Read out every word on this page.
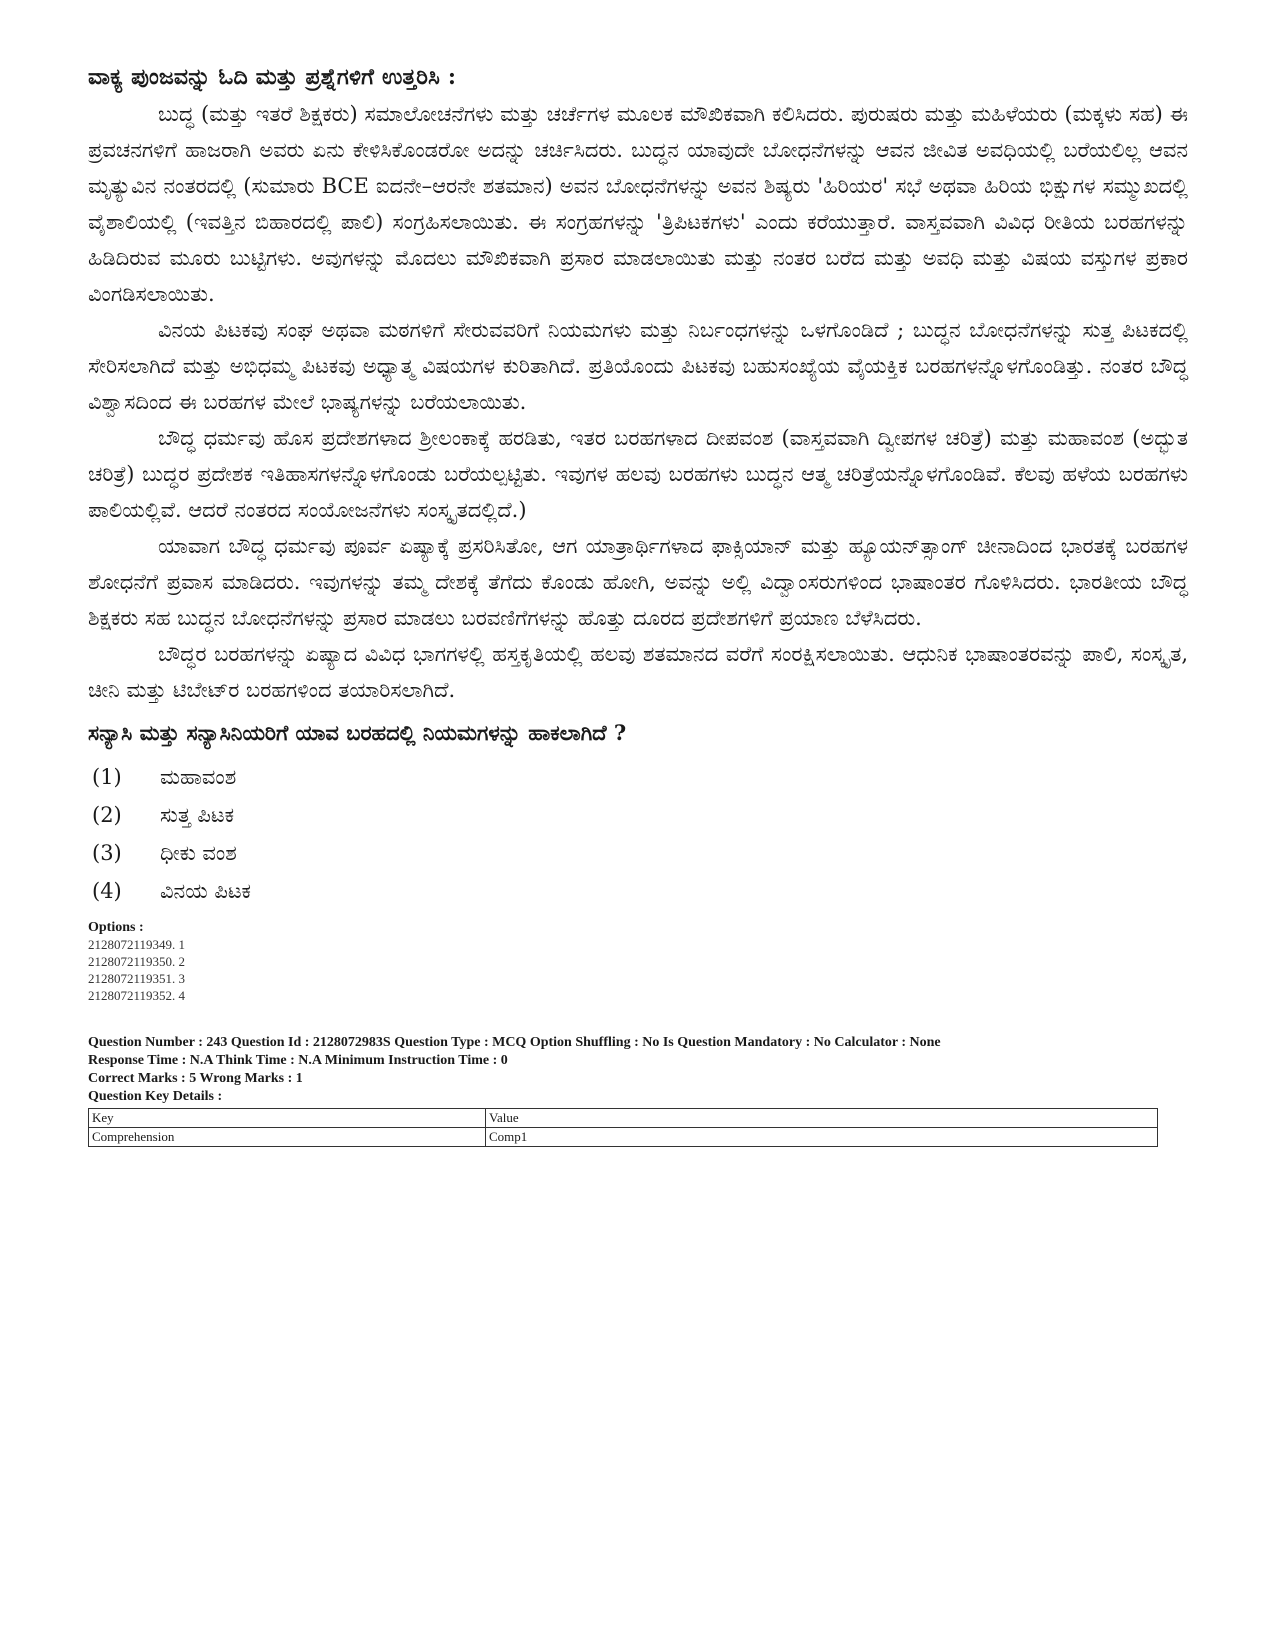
ವಾಕ್ಯ ಪುಂಜವನ್ನು ಓದಿ ಮತ್ತು ಪ್ರಶ್ನೆಗಳಿಗೆ ಉತ್ತರಿಸಿ :

ಬುದ್ಧ (ಮತ್ತು ಇತರೆ ಶಿಕ್ಷಕರು) ಸಮಾಲೋಚನೆಗಳು ಮತ್ತು ಚರ್ಚೆಗಳ ಮೂಲಕ ಮೌಖಿಕವಾಗಿ ಕಲಿಸಿದರು. ಪುರುಷರು ಮತ್ತು ಮಹಿಳೆಯರು (ಮಕ್ಕಳು ಸಹ) ಈ ಪ್ರವಚನಗಳಿಗೆ ಹಾಜರಾಗಿ ಅವರು ಏನು ಕೇಳಿಸಿಕೊಂಡರೋ ಅದನ್ನು ಚರ್ಚಿಸಿದರು. ಬುದ್ಧನ ಯಾವುದೇ ಬೋಧನೆಗಳನ್ನು ಆವನ ಜೀವಿತ ಅವಧಿಯಲ್ಲಿ ಬರೆಯಲಿಲ್ಲ ಆವನ ಮೃತ್ಯುವಿನ ನಂತರದಲ್ಲಿ (ಸುಮಾರು BCE ಐದನೇ–ಆರನೇ ಶತಮಾನ) ಅವನ ಬೋಧನೆಗಳನ್ನು ಅವನ ಶಿಷ್ಯರು 'ಹಿರಿಯರ' ಸಭೆ ಅಥವಾ ಹಿರಿಯ ಭಿಕ್ಷುಗಳ ಸಮ್ಮುಖದಲ್ಲಿ ವೈಶಾಲಿಯಲ್ಲಿ (ಇವತ್ತಿನ ಬಿಹಾರದಲ್ಲಿ ಪಾಲಿ) ಸಂಗ್ರಹಿಸಲಾಯಿತು. ಈ ಸಂಗ್ರಹಗಳನ್ನು 'ತ್ರಿಪಿಟಕಗಳು' ಎಂದು ಕರೆಯುತ್ತಾರೆ. ವಾಸ್ತವವಾಗಿ ವಿವಿಧ ರೀತಿಯ ಬರಹಗಳನ್ನು ಹಿಡಿದಿರುವ ಮೂರು ಬುಟ್ಟಿಗಳು. ಅವುಗಳನ್ನು ಮೊದಲು ಮೌಖಿಕವಾಗಿ ಪ್ರಸಾರ ಮಾಡಲಾಯಿತು ಮತ್ತು ನಂತರ ಬರೆದ ಮತ್ತು ಅವಧಿ ಮತ್ತು ವಿಷಯ ವಸ್ತುಗಳ ಪ್ರಕಾರ ವಿಂಗಡಿಸಲಾಯಿತು.

ವಿನಯ ಪಿಟಕವು ಸಂಘ ಅಥವಾ ಮಠಗಳಿಗೆ ಸೇರುವವರಿಗೆ ನಿಯಮಗಳು ಮತ್ತು ನಿರ್ಬಂಧಗಳನ್ನು ಒಳಗೊಂಡಿದೆ ; ಬುದ್ಧನ ಬೋಧನೆಗಳನ್ನು ಸುತ್ತ ಪಿಟಕದಲ್ಲಿ ಸೇರಿಸಲಾಗಿದೆ ಮತ್ತು ಅಭಿಧಮ್ಮ ಪಿಟಕವು ಅಧ್ಯಾತ್ಮ ವಿಷಯಗಳ ಕುರಿತಾಗಿದೆ. ಪ್ರತಿಯೊಂದು ಪಿಟಕವು ಬಹುಸಂಖ್ಯೆಯ ವೈಯಕ್ತಿಕ ಬರಹಗಳನ್ನೊಳಗೊಂಡಿತ್ತು. ನಂತರ ಬೌದ್ಧ ವಿಶ್ವಾಸದಿಂದ ಈ ಬರಹಗಳ ಮೇಲೆ ಭಾಷ್ಯಗಳನ್ನು ಬರೆಯಲಾಯಿತು.

ಬೌದ್ಧ ಧರ್ಮವು ಹೊಸ ಪ್ರದೇಶಗಳಾದ ಶ್ರೀಲಂಕಾಕ್ಕೆ ಹರಡಿತು, ಇತರ ಬರಹಗಳಾದ ದೀಪವಂಶ (ವಾಸ್ತವವಾಗಿ ದ್ವೀಪಗಳ ಚರಿತ್ರೆ) ಮತ್ತು ಮಹಾವಂಶ (ಅದ್ಭುತ ಚರಿತ್ರೆ) ಬುದ್ಧರ ಪ್ರದೇಶಕ ಇತಿಹಾಸಗಳನ್ನೊಳಗೊಂಡು ಬರೆಯಲ್ಪಟ್ಟಿತು. ಇವುಗಳ ಹಲವು ಬರಹಗಳು ಬುದ್ಧನ ಆತ್ಮ ಚರಿತ್ರೆಯನ್ನೊಳಗೊಂಡಿವೆ. ಕೆಲವು ಹಳೆಯ ಬರಹಗಳು ಪಾಲಿಯಲ್ಲಿವೆ. ಆದರೆ ನಂತರದ ಸಂಯೋಜನೆಗಳು ಸಂಸ್ಕೃತದಲ್ಲಿದೆ.)

ಯಾವಾಗ ಬೌದ್ಧ ಧರ್ಮವು ಪೂರ್ವ ಏಷ್ಯಾಕ್ಕೆ ಪ್ರಸರಿಸಿತೋ, ಆಗ ಯಾತ್ರಾರ್ಥಿಗಳಾದ ಫಾಕ್ಸಿಯಾನ್ ಮತ್ತು ಹ್ಯೂಯನ್‌ತ್ಸಾಂಗ್ ಚೀನಾದಿಂದ ಭಾರತಕ್ಕೆ ಬರಹಗಳ ಶೋಧನೆಗೆ ಪ್ರವಾಸ ಮಾಡಿದರು. ಇವುಗಳನ್ನು ತಮ್ಮ ದೇಶಕ್ಕೆ ತೆಗೆದು ಕೊಂಡು ಹೋಗಿ, ಅವನ್ನು ಅಲ್ಲಿ ವಿದ್ವಾಂಸರುಗಳಿಂದ ಭಾಷಾಂತರ ಗೊಳಿಸಿದರು. ಭಾರತೀಯ ಬೌದ್ಧ ಶಿಕ್ಷಕರು ಸಹ ಬುದ್ಧನ ಬೋಧನೆಗಳನ್ನು ಪ್ರಸಾರ ಮಾಡಲು ಬರವಣಿಗೆಗಳನ್ನು ಹೊತ್ತು ದೂರದ ಪ್ರದೇಶಗಳಿಗೆ ಪ್ರಯಾಣ ಬೆಳೆಸಿದರು.

ಬೌದ್ಧರ ಬರಹಗಳನ್ನು ಏಷ್ಯಾದ ವಿವಿಧ ಭಾಗಗಳಲ್ಲಿ ಹಸ್ತಕೃತಿಯಲ್ಲಿ ಹಲವು ಶತಮಾನದ ವರೆಗೆ ಸಂರಕ್ಷಿಸಲಾಯಿತು. ಆಧುನಿಕ ಭಾಷಾಂತರವನ್ನು ಪಾಲಿ, ಸಂಸ್ಕೃತ, ಚೀನಿ ಮತ್ತು ಟಿಬೇಟ್‌ರ ಬರಹಗಳಿಂದ ತಯಾರಿಸಲಾಗಿದೆ.

ಸನ್ಯಾಸಿ ಮತ್ತು ಸನ್ಯಾಸಿನಿಯರಿಗೆ ಯಾವ ಬರಹದಲ್ಲಿ ನಿಯಮಗಳನ್ನು ಹಾಕಲಾಗಿದೆ ?

(1)	ಮಹಾವಂಶ
(2)	ಸುತ್ತ ಪಿಟಕ
(3)	ಧೀಕು ವಂಶ
(4)	ವಿನಯ ಪಿಟಕ
Options :
2128072119349. 1
2128072119350. 2
2128072119351. 3
2128072119352. 4
Question Number : 243 Question Id : 2128072983S Question Type : MCQ Option Shuffling : No Is Question Mandatory : No Calculator : None
Response Time : N.A Think Time : N.A Minimum Instruction Time : 0
Correct Marks : 5 Wrong Marks : 1
Question Key Details :
Key	Value
Comprehension	Comp1
